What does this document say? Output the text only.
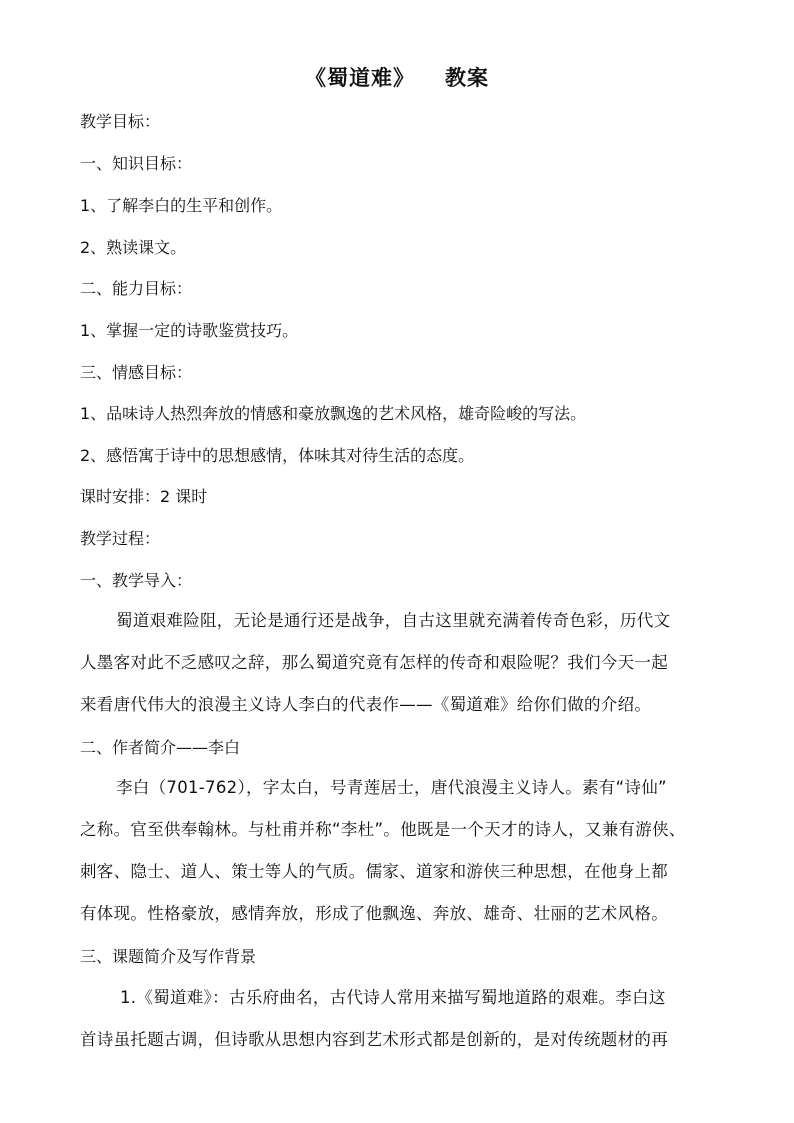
《蜀道难》 教案
教学目标：
一、知识目标：
1、了解李白的生平和创作。
2、熟读课文。
二、能力目标：
1、掌握一定的诗歌鉴赏技巧。
三、情感目标：
1、品味诗人热烈奔放的情感和豪放飘逸的艺术风格，雄奇险峻的写法。
2、感悟寓于诗中的思想感情，体味其对待生活的态度。
课时安排：2 课时
教学过程：
一、教学导入：
蜀道艰难险阻，无论是通行还是战争，自古这里就充满着传奇色彩，历代文
人墨客对此不乏感叹之辞，那么蜀道究竟有怎样的传奇和艰险呢？我们今天一起
来看唐代伟大的浪漫主义诗人李白的代表作——《蜀道难》给你们做的介绍。
二、作者简介——李白
李白（701-762），字太白，号青莲居士，唐代浪漫主义诗人。素有“诗仙”
之称。官至供奉翰林。与杜甫并称“李杜”。他既是一个天才的诗人，又兼有游侠、
刺客、隐士、道人、策士等人的气质。儒家、道家和游侠三种思想，在他身上都
有体现。性格豪放，感情奔放，形成了他飘逸、奔放、雄奇、壮丽的艺术风格。
三、课题简介及写作背景
1.《蜀道难》：古乐府曲名，古代诗人常用来描写蜀地道路的艰难。李白这
首诗虽托题古调，但诗歌从思想内容到艺术形式都是创新的，是对传统题材的再
